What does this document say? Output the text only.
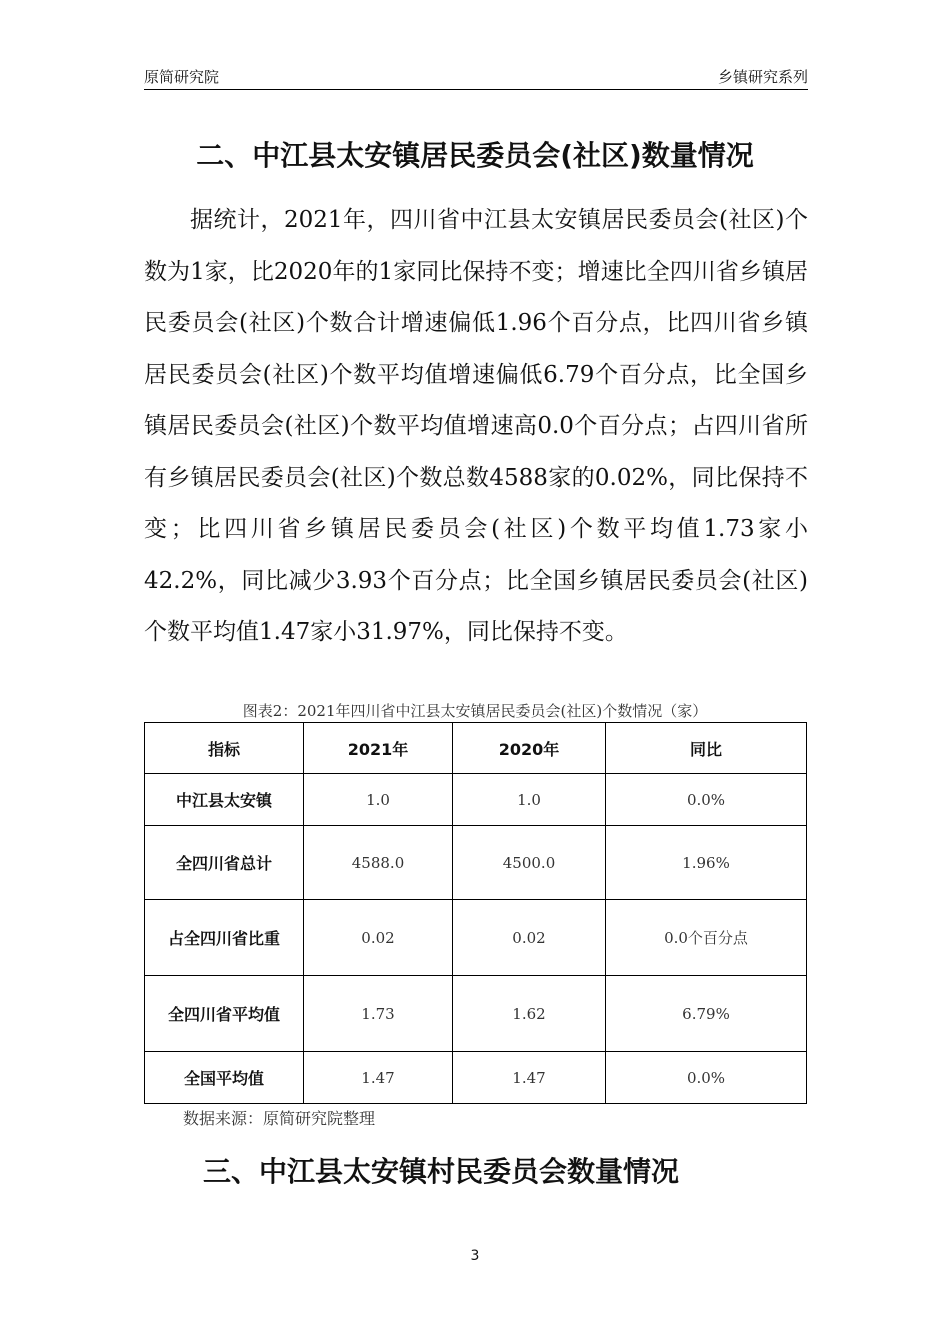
原简研究院	乡镇研究系列
二、中江县太安镇居民委员会(社区)数量情况
据统计，2021年，四川省中江县太安镇居民委员会(社区)个数为1家，比2020年的1家同比保持不变；增速比全四川省乡镇居民委员会(社区)个数合计增速偏低1.96个百分点，比四川省乡镇居民委员会(社区)个数平均值增速偏低6.79个百分点，比全国乡镇居民委员会(社区)个数平均值增速高0.0个百分点；占四川省所有乡镇居民委员会(社区)个数总数4588家的0.02%，同比保持不变；比四川省乡镇居民委员会(社区)个数平均值1.73家小42.2%，同比减少3.93个百分点；比全国乡镇居民委员会(社区)个数平均值1.47家小31.97%，同比保持不变。
图表2：2021年四川省中江县太安镇居民委员会(社区)个数情况（家）
指标	2021年	2020年	同比
中江县太安镇	1.0	1.0	0.0%
全四川省总计	4588.0	4500.0	1.96%
占全四川省比重	0.02	0.02	0.0个百分点
全四川省平均值	1.73	1.62	6.79%
全国平均值	1.47	1.47	0.0%
数据来源：原简研究院整理
三、中江县太安镇村民委员会数量情况
3
